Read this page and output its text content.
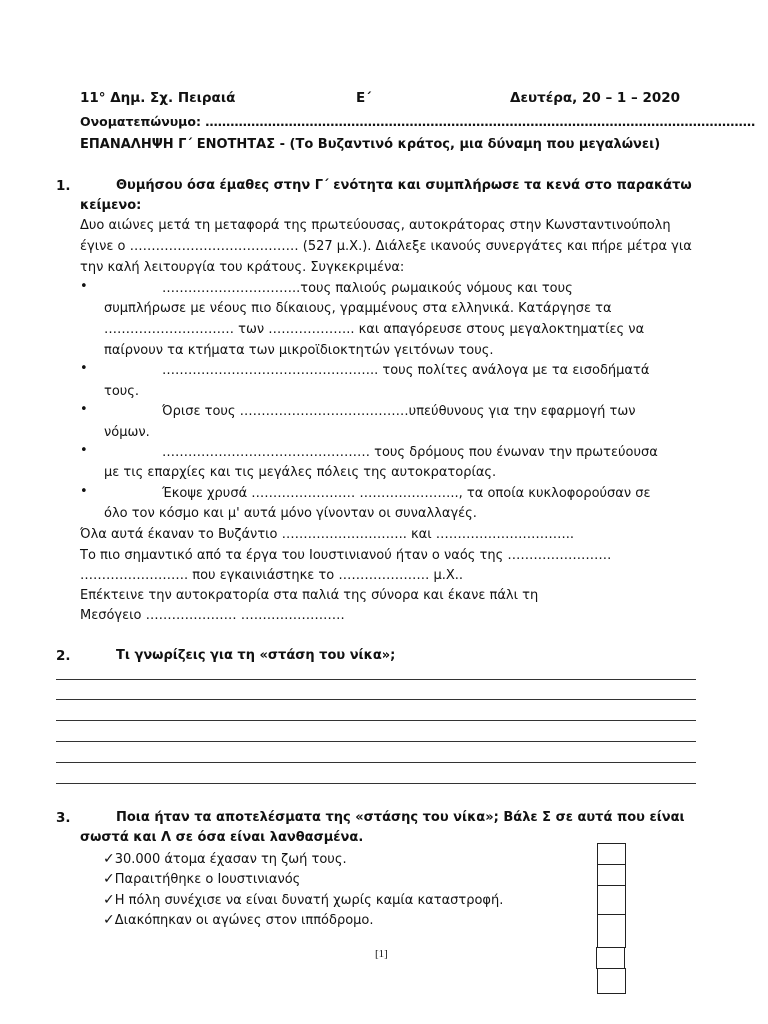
11° Δημ. Σχ. Πειραιά	Ε΄	Δευτέρα, 20 – 1 – 2020
Ονοματεπώνυμο: ……………………………………………………………………………………………………………………
ΕΠΑΝΑΛΗΨΗ Γ΄ ΕΝΟΤΗΤΑΣ - (Το Βυζαντινό κράτος, μια δύναμη που μεγαλώνει)
1.	Θυμήσου όσα έμαθες στην Γ΄ ενότητα και συμπλήρωσε τα κενά στο παρακάτω
κείμενο:
Δυο αιώνες μετά τη μεταφορά της πρωτεύουσας, αυτοκράτορας στην Κωνσταντινούπολη
έγινε ο ………………………………… (527 μ.Χ.). Διάλεξε ικανούς συνεργάτες και πήρε μέτρα για
την καλή λειτουργία του κράτους. Συγκεκριμένα:
•	…………………………..τους παλιούς ρωμαικούς νόμους και τους
συμπλήρωσε με νέους πιο δίκαιους, γραμμένους στα ελληνικά. Κατάργησε τα
………………………… των ……………….. και απαγόρευσε στους μεγαλοκτηματίες να
παίρνουν τα κτήματα των μικροϊδιοκτητών γειτόνων τους.
•	………………………………………….. τους πολίτες ανάλογα με τα εισοδήματά
τους.
•	Όρισε τους …………………………………υπεύθυνους για την εφαρμογή των
νόμων.
•	………………………………………… τους δρόμους που ένωναν την πρωτεύουσα
με τις επαρχίες και τις μεγάλες πόλεις της αυτοκρατορίας.
•	Έκοψε χρυσά …………………… ………………….., τα οποία κυκλοφορούσαν σε
όλο τον κόσμο και μ' αυτά μόνο γίνονταν οι συναλλαγές.
Όλα αυτά έκαναν το Βυζάντιο ……………………….. και …………………………..
Το πιο σημαντικό από τα έργα του Ιουστινιανού ήταν ο ναός της ……………………
……………………. που εγκαινιάστηκε το ………………… μ.Χ..
Επέκτεινε την αυτοκρατορία στα παλιά της σύνορα και έκανε πάλι τη
Μεσόγειο ………………… ……………………
2.	Τι γνωρίζεις για τη «στάση του νίκα»;
3.	Ποια ήταν τα αποτελέσματα της «στάσης του νίκα»; Βάλε Σ σε αυτά που είναι
σωστά και Λ σε όσα είναι λανθασμένα.
✓30.000 άτομα έχασαν τη ζωή τους.
✓Παραιτήθηκε ο Ιουστινιανός
✓Η πόλη συνέχισε να είναι δυνατή χωρίς καμία καταστροφή.
✓Διακόπηκαν οι αγώνες στον ιππόδρομο.
[1]
